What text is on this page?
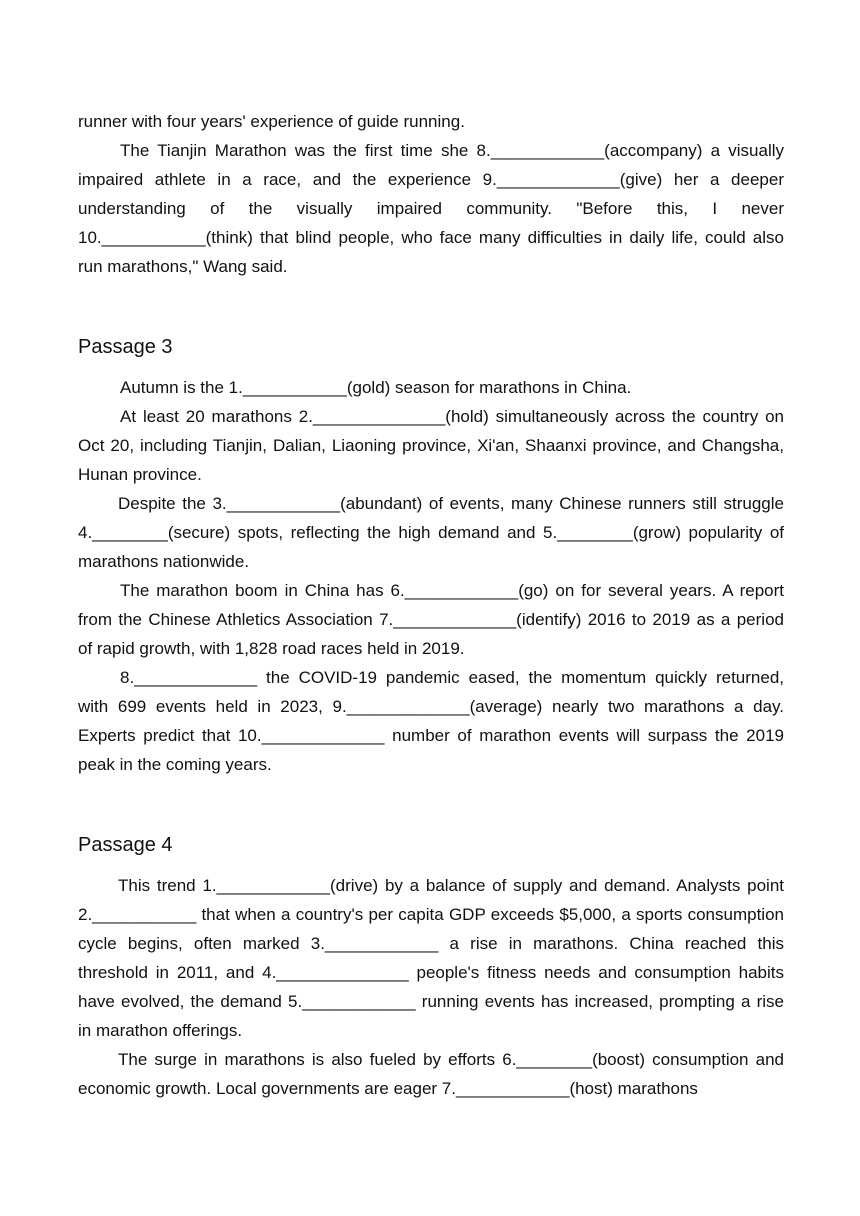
runner with four years' experience of guide running.

The Tianjin Marathon was the first time she 8.____________(accompany) a visually impaired athlete in a race, and the experience 9._____________(give) her a deeper understanding of the visually impaired community. "Before this, I never 10.___________(think) that blind people, who face many difficulties in daily life, could also run marathons," Wang said.

Passage 3

Autumn is the 1.___________(gold) season for marathons in China.

At least 20 marathons 2.______________(hold) simultaneously across the country on Oct 20, including Tianjin, Dalian, Liaoning province, Xi'an, Shaanxi province, and Changsha, Hunan province.

Despite the 3.____________(abundant) of events, many Chinese runners still struggle 4.________(secure) spots, reflecting the high demand and 5.________(grow) popularity of marathons nationwide.

The marathon boom in China has 6.____________(go) on for several years. A report from the Chinese Athletics Association 7._____________(identify) 2016 to 2019 as a period of rapid growth, with 1,828 road races held in 2019.

8._____________ the COVID-19 pandemic eased, the momentum quickly returned, with 699 events held in 2023, 9._____________(average) nearly two marathons a day. Experts predict that 10._____________ number of marathon events will surpass the 2019 peak in the coming years.

Passage 4

This trend 1.____________(drive) by a balance of supply and demand. Analysts point 2.___________ that when a country's per capita GDP exceeds $5,000, a sports consumption cycle begins, often marked 3.____________ a rise in marathons. China reached this threshold in 2011, and 4.______________ people's fitness needs and consumption habits have evolved, the demand 5.____________ running events has increased, prompting a rise in marathon offerings.

The surge in marathons is also fueled by efforts 6.________(boost) consumption and economic growth. Local governments are eager 7.____________(host) marathons
